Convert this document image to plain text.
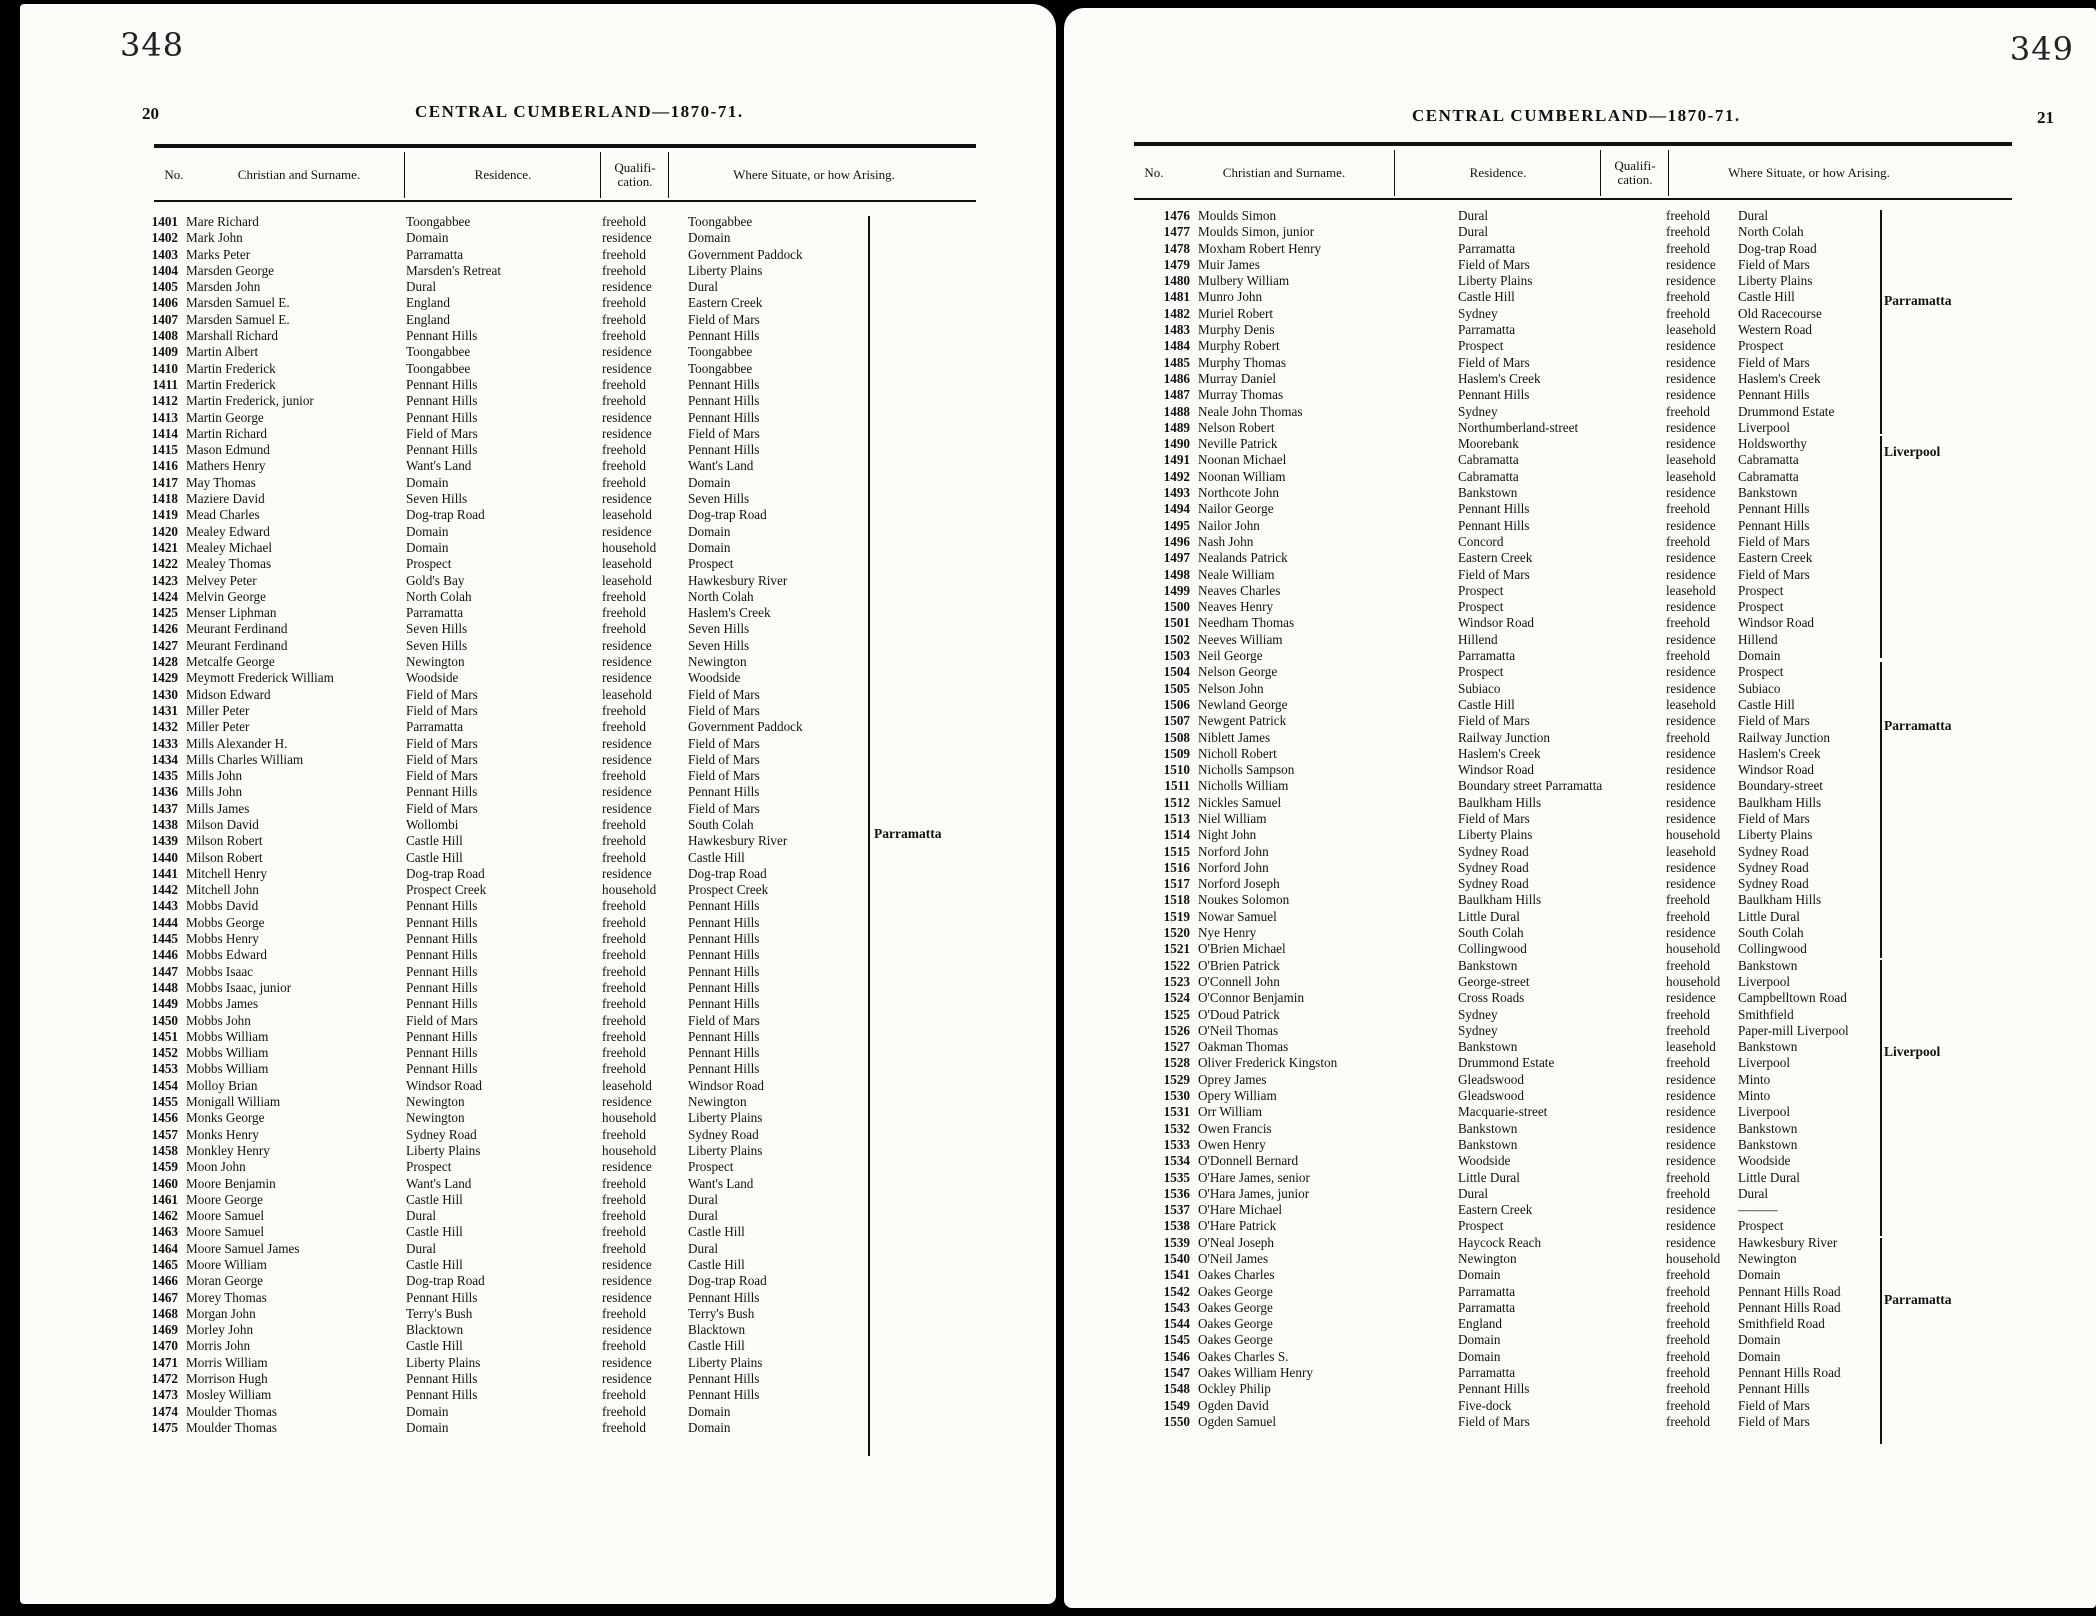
348
20	CENTRAL CUMBERLAND—1870-71.
No.	Christian and Surname.	Residence.	Qualifi-cation.	Where Situate, or how Arising.
1401 Mare Richard	Toongabbee	freehold	Toongabbee
1402 Mark John	Domain	residence	Domain
1403 Marks Peter	Parramatta	freehold	Government Paddock
1404 Marsden George	Marsden's Retreat	freehold	Liberty Plains
1405 Marsden John	Dural	residence	Dural
1406 Marsden Samuel E.	England	freehold	Eastern Creek
1407 Marsden Samuel E.	England	freehold	Field of Mars
1408 Marshall Richard	Pennant Hills	freehold	Pennant Hills
1409 Martin Albert	Toongabbee	residence	Toongabbee
1410 Martin Frederick	Toongabbee	residence	Toongabbee
1411 Martin Frederick	Pennant Hills	freehold	Pennant Hills
1412 Martin Frederick, junior	Pennant Hills	freehold	Pennant Hills
1413 Martin George	Pennant Hills	residence	Pennant Hills
1414 Martin Richard	Field of Mars	residence	Field of Mars
1415 Mason Edmund	Pennant Hills	freehold	Pennant Hills
1416 Mathers Henry	Want's Land	freehold	Want's Land
1417 May Thomas	Domain	freehold	Domain
1418 Maziere David	Seven Hills	residence	Seven Hills
1419 Mead Charles	Dog-trap Road	leasehold	Dog-trap Road
1420 Mealey Edward	Domain	residence	Domain
1421 Mealey Michael	Domain	household Domain
1422 Mealey Thomas	Prospect	leasehold	Prospect
1423 Melvey Peter	Gold's Bay	leasehold	Hawkesbury River
1424 Melvin George	North Colah	freehold	North Colah
1425 Menser Liphman	Parramatta	freehold	Haslem's Creek
1426 Meurant Ferdinand	Seven Hills	freehold	Seven Hills
1427 Meurant Ferdinand	Seven Hills	residence	Seven Hills
1428 Metcalfe George	Newington	residence	Newington
1429 Meymott Frederick William	Woodside	residence	Woodside
1430 Midson Edward	Field of Mars	leasehold	Field of Mars
1431 Miller Peter	Field of Mars	freehold	Field of Mars
1432 Miller Peter	Parramatta	freehold	Government Paddock
1433 Mills Alexander H.	Field of Mars	residence	Field of Mars
1434 Mills Charles William	Field of Mars	residence	Field of Mars
1435 Mills John	Field of Mars	freehold	Field of Mars
1436 Mills John	Pennant Hills	residence	Pennant Hills
1437 Mills James	Field of Mars	residence	Field of Mars
1438 Milson David	Wollombi	freehold	South Colah
1439 Milson Robert	Castle Hill	freehold	Hawkesbury River
1440 Milson Robert	Castle Hill	freehold	Castle Hill
1441 Mitchell Henry	Dog-trap Road	residence	Dog-trap Road
1442 Mitchell John	Prospect Creek	household Prospect Creek
1443 Mobbs David	Pennant Hills	freehold	Pennant Hills
1444 Mobbs George	Pennant Hills	freehold	Pennant Hills
1445 Mobbs Henry	Pennant Hills	freehold	Pennant Hills
1446 Mobbs Edward	Pennant Hills	freehold	Pennant Hills
1447 Mobbs Isaac	Pennant Hills	freehold	Pennant Hills
1448 Mobbs Isaac, junior	Pennant Hills	freehold	Pennant Hills
1449 Mobbs James	Pennant Hills	freehold	Pennant Hills
1450 Mobbs John	Field of Mars	freehold	Field of Mars
1451 Mobbs William	Pennant Hills	freehold	Pennant Hills
1452 Mobbs William	Pennant Hills	freehold	Pennant Hills
1453 Mobbs William	Pennant Hills	freehold	Pennant Hills
1454 Molloy Brian	Windsor Road	leasehold	Windsor Road
1455 Monigall William	Newington	residence	Newington
1456 Monks George	Newington	household Liberty Plains
1457 Monks Henry	Sydney Road	freehold	Sydney Road
1458 Monkley Henry	Liberty Plains	household Liberty Plains
1459 Moon John	Prospect	residence	Prospect
1460 Moore Benjamin	Want's Land	freehold	Want's Land
1461 Moore George	Castle Hill	freehold	Dural
1462 Moore Samuel	Dural	freehold	Dural
1463 Moore Samuel	Castle Hill	freehold	Castle Hill
1464 Moore Samuel James	Dural	freehold	Dural
1465 Moore William	Castle Hill	residence	Castle Hill
1466 Moran George	Dog-trap Road	residence	Dog-trap Road
1467 Morey Thomas	Pennant Hills	residence	Pennant Hills
1468 Morgan John	Terry's Bush	freehold	Terry's Bush
1469 Morley John	Blacktown	residence	Blacktown
1470 Morris John	Castle Hill	freehold	Castle Hill
1471 Morris William	Liberty Plains	residence	Liberty Plains
1472 Morrison Hugh	Pennant Hills	residence	Pennant Hills
1473 Mosley William	Pennant Hills	freehold	Pennant Hills
1474 Moulder Thomas	Domain	freehold	Domain
1475 Moulder Thomas	Domain	freehold	Domain
Parramatta
349
21
CENTRAL CUMBERLAND—1870-71.
No.	Christian and Surname.	Residence.	Qualifi-cation.	Where Situate, or how Arising.
1476 Moulds Simon	Dural	freehold Dural
1477 Moulds Simon, junior	Dural	freehold North Colah
1478 Moxham Robert Henry	Parramatta	freehold Dog-trap Road
1479 Muir James	Field of Mars	residence Field of Mars
1480 Mulbery William	Liberty Plains	residence Liberty Plains
1481 Munro John	Castle Hill	freehold Castle Hill
1482 Muriel Robert	Sydney	freehold Old Racecourse
1483 Murphy Denis	Parramatta	leasehold Western Road
1484 Murphy Robert	Prospect	residence Prospect
1485 Murphy Thomas	Field of Mars	residence Field of Mars
1486 Murray Daniel	Haslem's Creek	residence Haslem's Creek
1487 Murray Thomas	Pennant Hills	residence Pennant Hills
1488 Neale John Thomas	Sydney	freehold Drummond Estate
1489 Nelson Robert	Northumberland-street	residence Liverpool
1490 Neville Patrick	Moorebank	residence Holdsworthy
1491 Noonan Michael	Cabramatta	leasehold Cabramatta
1492 Noonan William	Cabramatta	leasehold Cabramatta
1493 Northcote John	Bankstown	residence Bankstown
1494 Nailor George	Pennant Hills	freehold Pennant Hills
1495 Nailor John	Pennant Hills	residence Pennant Hills
1496 Nash John	Concord	freehold Field of Mars
1497 Nealands Patrick	Eastern Creek	residence Eastern Creek
1498 Neale William	Field of Mars	residence Field of Mars
1499 Neaves Charles	Prospect	leasehold Prospect
1500 Neaves Henry	Prospect	residence Prospect
1501 Needham Thomas	Windsor Road	freehold Windsor Road
1502 Neeves William	Hillend	residence Hillend
1503 Neil George	Parramatta	freehold Domain
1504 Nelson George	Prospect	residence Prospect
1505 Nelson John	Subiaco	residence Subiaco
1506 Newland George	Castle Hill	leasehold Castle Hill
1507 Newgent Patrick	Field of Mars	residence Field of Mars
1508 Niblett James	Railway Junction	freehold Railway Junction
1509 Nicholl Robert	Haslem's Creek	residence Haslem's Creek
1510 Nicholls Sampson	Windsor Road	residence Windsor Road
1511 Nicholls William	Boundary street Parramatta	residence Boundary-street
1512 Nickles Samuel	Baulkham Hills	residence Baulkham Hills
1513 Niel William	Field of Mars	residence Field of Mars
1514 Night John	Liberty Plains	household Liberty Plains
1515 Norford John	Sydney Road	leasehold Sydney Road
1516 Norford John	Sydney Road	residence Sydney Road
1517 Norford Joseph	Sydney Road	residence Sydney Road
1518 Noukes Solomon	Baulkham Hills	freehold Baulkham Hills
1519 Nowar Samuel	Little Dural	freehold Little Dural
1520 Nye Henry	South Colah	residence South Colah
1521 O'Brien Michael	Collingwood	household Collingwood
1522 O'Brien Patrick	Bankstown	freehold Bankstown
1523 O'Connell John	George-street	household Liverpool
1524 O'Connor Benjamin	Cross Roads	residence Campbelltown Road
1525 O'Doud Patrick	Sydney	freehold Smithfield
1526 O'Neil Thomas	Sydney	freehold Paper-mill Liverpool
1527 Oakman Thomas	Bankstown	leasehold Bankstown
1528 Oliver Frederick Kingston	Drummond Estate	freehold Liverpool
1529 Oprey James	Gleadswood	residence Minto
1530 Opery William	Gleadswood	residence Minto
1531 Orr William	Macquarie-street	residence Liverpool
1532 Owen Francis	Bankstown	residence Bankstown
1533 Owen Henry	Bankstown	residence Bankstown
1534 O'Donnell Bernard	Woodside	residence Woodside
1535 O'Hare James, senior	Little Dural	freehold Little Dural
1536 O'Hara James, junior	Dural	freehold Dural
1537 O'Hare Michael	Eastern Creek	residence ———
1538 O'Hare Patrick	Prospect	residence Prospect
1539 O'Neal Joseph	Haycock Reach	residence Hawkesbury River
1540 O'Neil James	Newington	household Newington
1541 Oakes Charles	Domain	freehold Domain
1542 Oakes George	Parramatta	freehold Pennant Hills Road
1543 Oakes George	Parramatta	freehold Pennant Hills Road
1544 Oakes George	England	freehold Smithfield Road
1545 Oakes George	Domain	freehold Domain
1546 Oakes Charles S.	Domain	freehold Domain
1547 Oakes William Henry	Parramatta	freehold Pennant Hills Road
1548 Ockley Philip	Pennant Hills	freehold Pennant Hills
1549 Ogden David	Five-dock	freehold Field of Mars
1550 Ogden Samuel	Field of Mars	freehold Field of Mars
Parramatta
Liverpool
Parramatta
Liverpool
Parramatta
